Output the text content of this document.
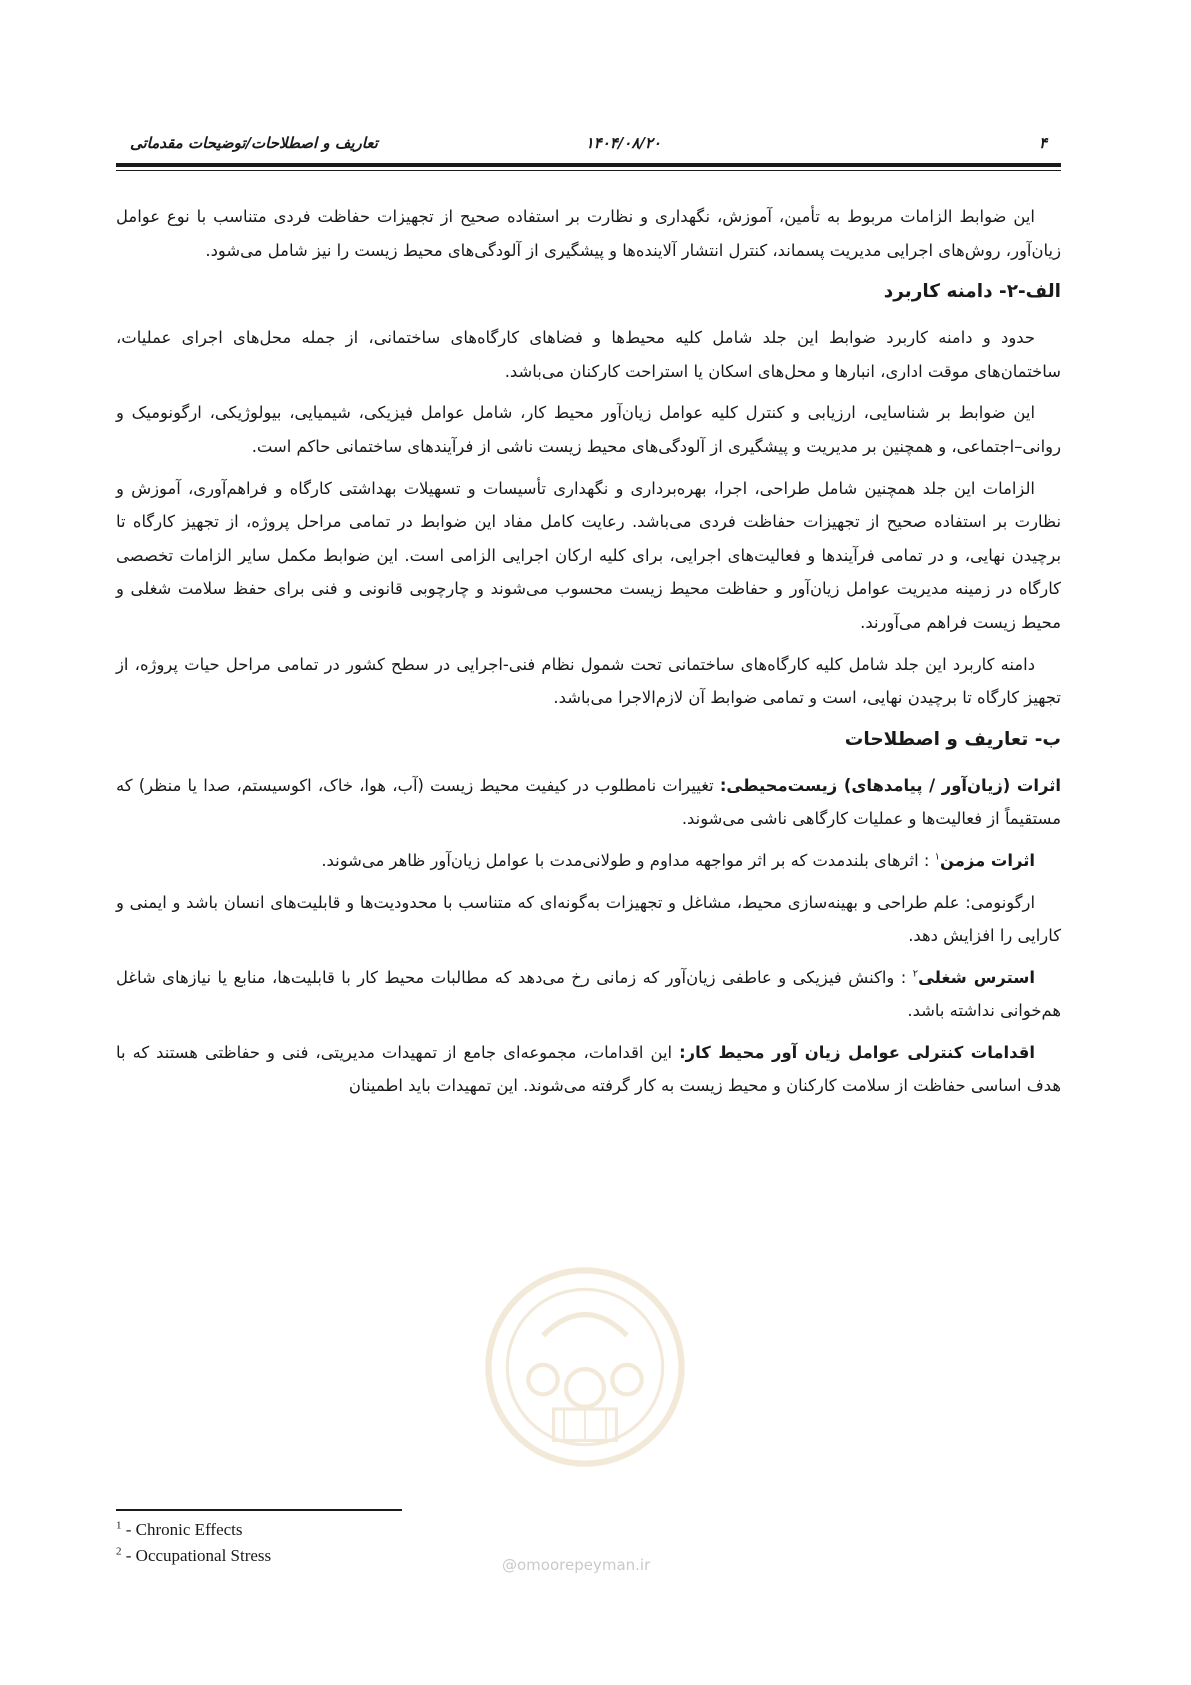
۴
۱۴۰۴/۰۸/۲۰
تعاریف و اصطلاحات/توضیحات مقدماتی

این ضوابط الزامات مربوط به تأمین، آموزش، نگهداری و نظارت بر استفاده صحیح از تجهیزات حفاظت فردی متناسب با نوع عوامل زیان‌آور، روش‌های اجرایی مدیریت پسماند، کنترل انتشار آلاینده‌ها و پیشگیری از آلودگی‌های محیط زیست را نیز شامل می‌شود.

الف-۲- دامنه کاربرد

حدود و دامنه کاربرد ضوابط این جلد شامل کلیه محیط‌ها و فضاهای کارگاه‌های ساختمانی، از جمله محل‌های اجرای عملیات، ساختمان‌های موقت اداری، انبارها و محل‌های اسکان یا استراحت کارکنان می‌باشد.

این ضوابط بر شناسایی، ارزیابی و کنترل کلیه عوامل زیان‌آور محیط کار، شامل عوامل فیزیکی، شیمیایی، بیولوژیکی، ارگونومیک و روانی–اجتماعی، و همچنین بر مدیریت و پیشگیری از آلودگی‌های محیط زیست ناشی از فرآیندهای ساختمانی حاکم است.

الزامات این جلد همچنین شامل طراحی، اجرا، بهره‌برداری و نگهداری تأسیسات و تسهیلات بهداشتی کارگاه و فراهم‌آوری، آموزش و نظارت بر استفاده صحیح از تجهیزات حفاظت فردی می‌باشد. رعایت کامل مفاد این ضوابط در تمامی مراحل پروژه، از تجهیز کارگاه تا برچیدن نهایی، و در تمامی فرآیندها و فعالیت‌های اجرایی، برای کلیه ارکان اجرایی الزامی است. این ضوابط مکمل سایر الزامات تخصصی کارگاه در زمینه مدیریت عوامل زیان‌آور و حفاظت محیط زیست محسوب می‌شوند و چارچوبی قانونی و فنی برای حفظ سلامت شغلی و محیط زیست فراهم می‌آورند.

دامنه کاربرد این جلد شامل کلیه کارگاه‌های ساختمانی تحت شمول نظام فنی-اجرایی در سطح کشور در تمامی مراحل حیات پروژه، از تجهیز کارگاه تا برچیدن نهایی، است و تمامی ضوابط آن لازم‌الاجرا می‌باشد.

ب- تعاریف و اصطلاحات

اثرات (زیان‌آور / پیامدهای) زیست‌محیطی: تغییرات نامطلوب در کیفیت محیط زیست (آب، هوا، خاک، اکوسیستم، صدا یا منظر) که مستقیماً از فعالیت‌ها و عملیات کارگاهی ناشی می‌شوند.

اثرات مزمن$^۱$ : اثرهای بلندمدت که بر اثر مواجهه مداوم و طولانی‌مدت با عوامل زیان‌آور ظاهر می‌شوند.

ارگونومی: علم طراحی و بهینه‌سازی محیط، مشاغل و تجهیزات به‌گونه‌ای که متناسب با محدودیت‌ها و قابلیت‌های انسان باشد و ایمنی و کارایی را افزایش دهد.

استرس شغلی$^۲$ : واکنش فیزیکی و عاطفی زیان‌آور که زمانی رخ می‌دهد که مطالبات محیط کار با قابلیت‌ها، منابع یا نیازهای شاغل هم‌خوانی نداشته باشد.

اقدامات کنترلی عوامل زیان آور محیط کار: این اقدامات، مجموعه‌ای جامع از تمهیدات مدیریتی، فنی و حفاظتی هستند که با هدف اساسی حفاظت از سلامت کارکنان و محیط زیست به کار گرفته می‌شوند. این تمهیدات باید اطمینان

$^1$ - Chronic Effects
$^2$ - Occupational Stress	@omoorepeyman.ir
